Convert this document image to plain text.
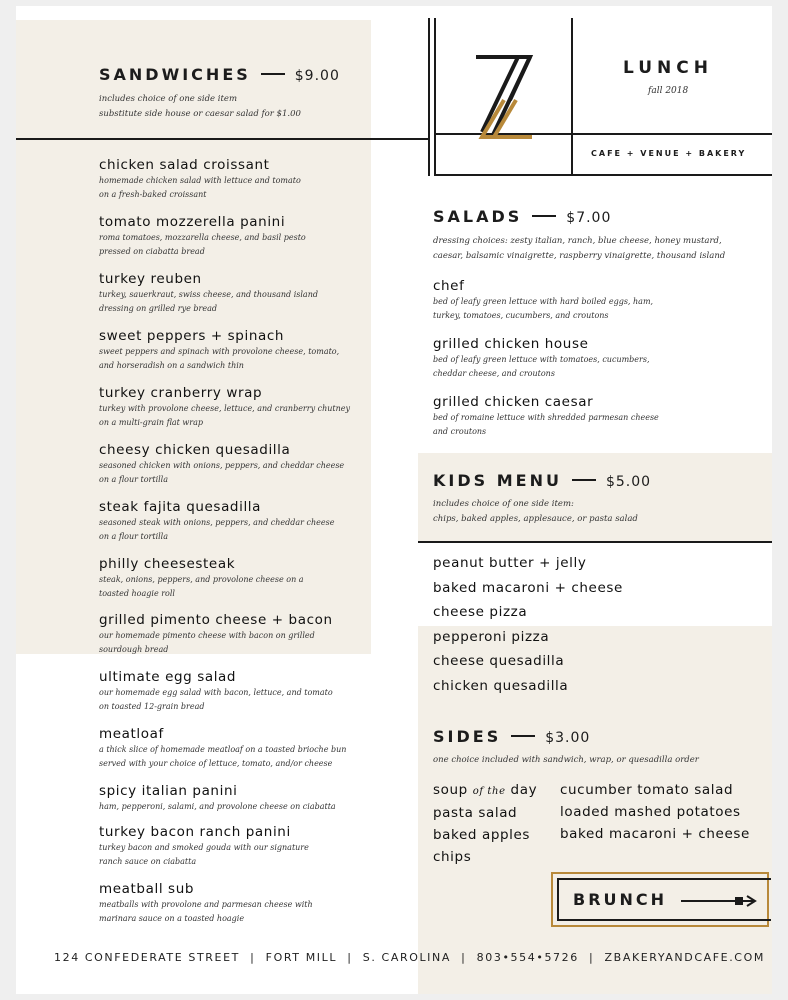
LUNCH
fall 2018
CAFE + VENUE + BAKERY
SANDWICHES	$9.00
includes choice of one side item
substitute side house or caesar salad for $1.00
chicken salad croissant
homemade chicken salad with lettuce and tomato
on a fresh-baked croissant
tomato mozzerella panini
roma tomatoes, mozzarella cheese, and basil pesto
pressed on ciabatta bread
turkey reuben
turkey, sauerkraut, swiss cheese, and thousand island
dressing on grilled rye bread
sweet peppers + spinach
sweet peppers and spinach with provolone cheese, tomato,
and horseradish on a sandwich thin
turkey cranberry wrap
turkey with provolone cheese, lettuce, and cranberry chutney
on a multi-grain flat wrap
cheesy chicken quesadilla
seasoned chicken with onions, peppers, and cheddar cheese
on a flour tortilla
steak fajita quesadilla
seasoned steak with onions, peppers, and cheddar cheese
on a flour tortilla
philly cheesesteak
steak, onions, peppers, and provolone cheese on a
toasted hoagie roll
grilled pimento cheese + bacon
our homemade pimento cheese with bacon on grilled
sourdough bread
ultimate egg salad
our homemade egg salad with bacon, lettuce, and tomato
on toasted 12-grain bread
meatloaf
a thick slice of homemade meatloaf on a toasted brioche bun
served with your choice of lettuce, tomato, and/or cheese
spicy italian panini
ham, pepperoni, salami, and provolone cheese on ciabatta
turkey bacon ranch panini
turkey bacon and smoked gouda with our signature
ranch sauce on ciabatta
meatball sub
meatballs with provolone and parmesan cheese with
marinara sauce on a toasted hoagie
SALADS	$7.00
dressing choices: zesty italian, ranch, blue cheese, honey mustard,
caesar, balsamic vinaigrette, raspberry vinaigrette, thousand island
chef
bed of leafy green lettuce with hard boiled eggs, ham,
turkey, tomatoes, cucumbers, and croutons
grilled chicken house
bed of leafy green lettuce with tomatoes, cucumbers,
cheddar cheese, and croutons
grilled chicken caesar
bed of romaine lettuce with shredded parmesan cheese
and croutons
KIDS MENU	$5.00
includes choice of one side item:
chips, baked apples, applesauce, or pasta salad
peanut butter + jelly
baked macaroni + cheese
cheese pizza
pepperoni pizza
cheese quesadilla
chicken quesadilla
SIDES	$3.00
one choice included with sandwich, wrap, or quesadilla order
soup of the day
pasta salad
baked apples
chips
cucumber tomato salad
loaded mashed potatoes
baked macaroni + cheese
BRUNCH
124 CONFEDERATE STREET  |  FORT MILL  |  S. CAROLINA  |  803•554•5726  |  ZBAKERYANDCAFE.COM
